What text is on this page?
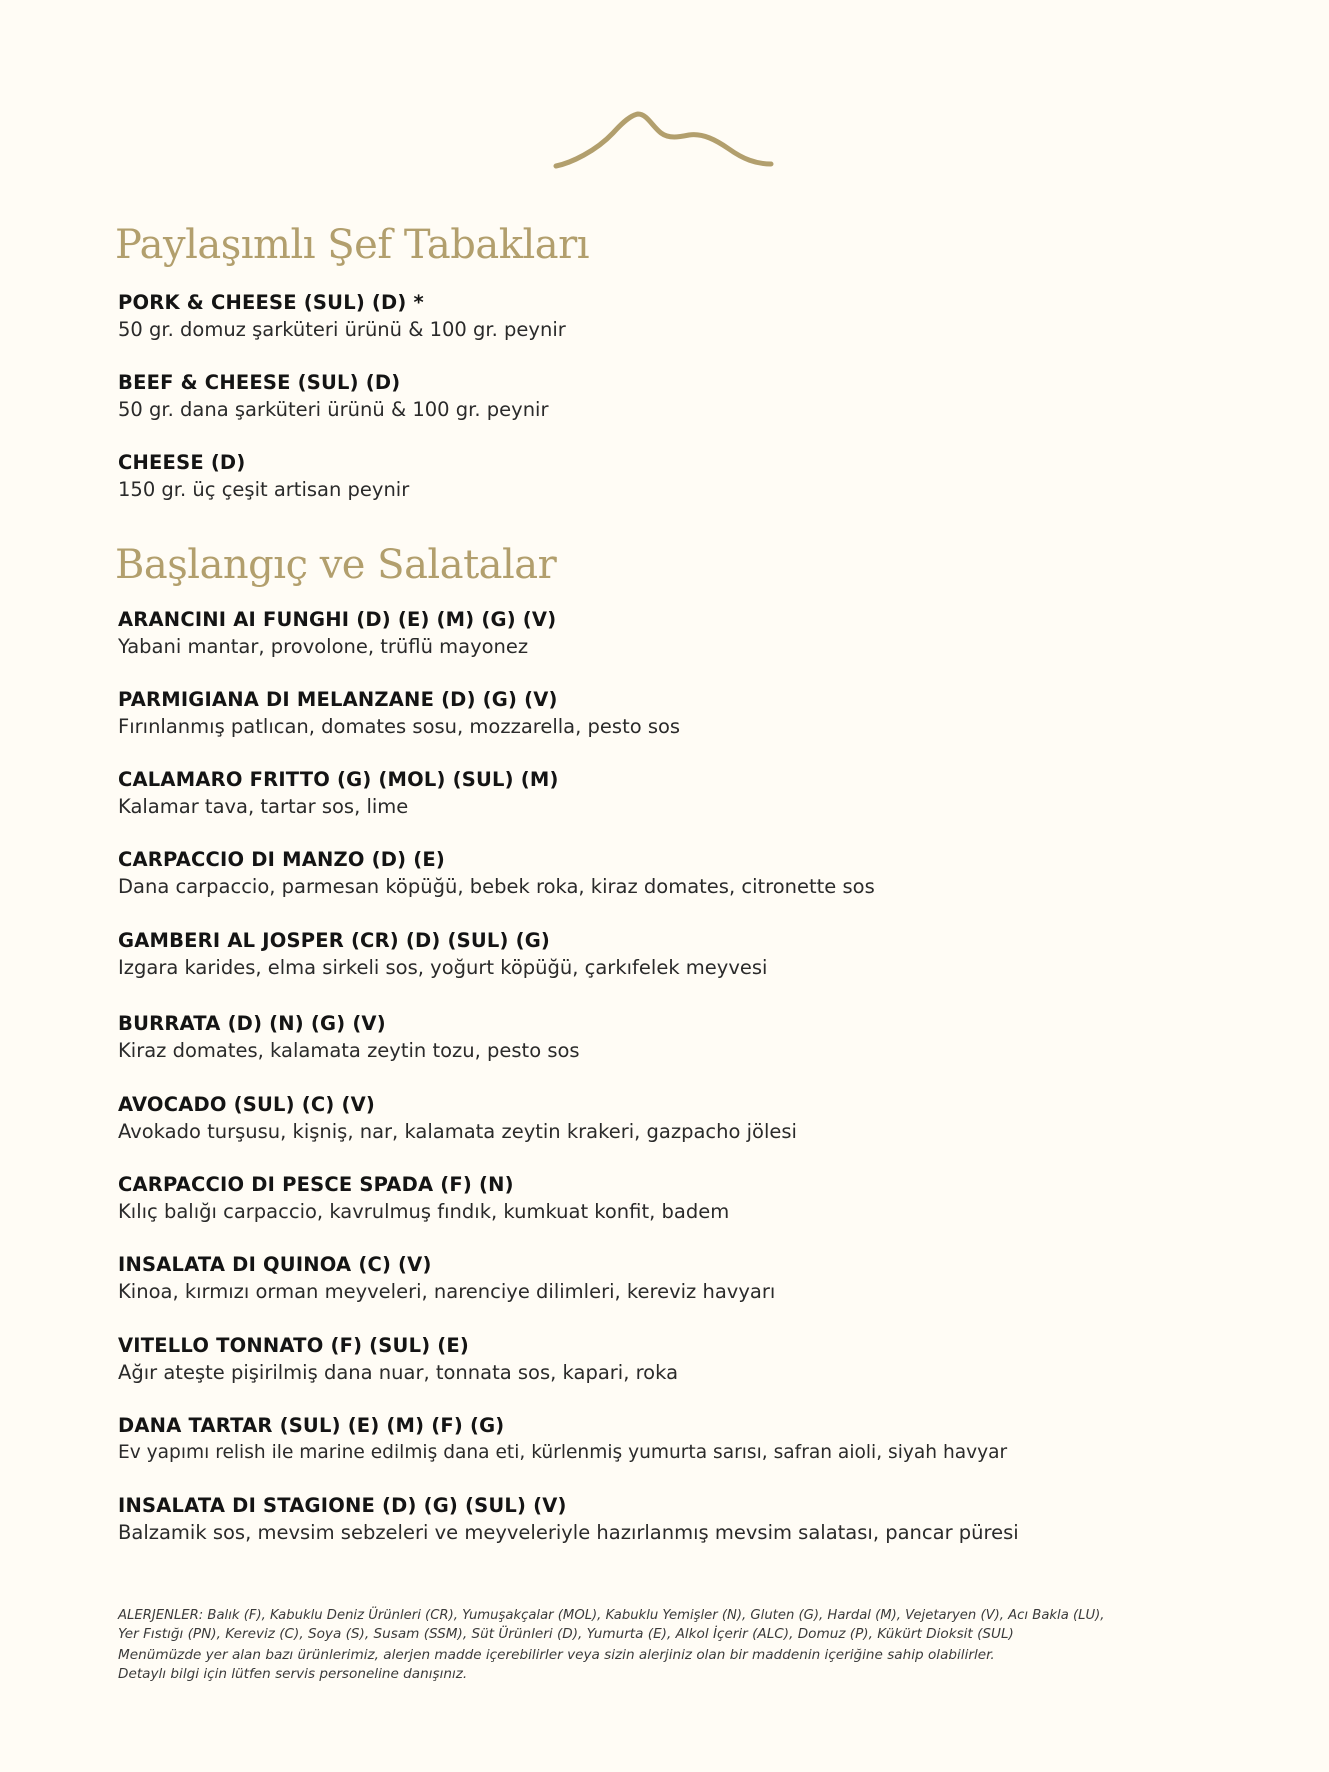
Paylaşımlı Şef Tabakları
PORK & CHEESE (SUL) (D) *
50 gr. domuz şarküteri ürünü & 100 gr. peynir
BEEF & CHEESE (SUL) (D)
50 gr. dana şarküteri ürünü & 100 gr. peynir
CHEESE (D)
150 gr. üç çeşit artisan peynir
Başlangıç ve Salatalar
ARANCINI AI FUNGHI (D) (E) (M) (G) (V)
Yabani mantar, provolone, trüflü mayonez
PARMIGIANA DI MELANZANE (D) (G) (V)
Fırınlanmış patlıcan, domates sosu, mozzarella, pesto sos
CALAMARO FRITTO (G) (MOL) (SUL) (M)
Kalamar tava, tartar sos, lime
CARPACCIO DI MANZO (D) (E)
Dana carpaccio, parmesan köpüğü, bebek roka, kiraz domates, citronette sos
GAMBERI AL JOSPER (CR) (D) (SUL) (G)
Izgara karides, elma sirkeli sos, yoğurt köpüğü, çarkıfelek meyvesi
BURRATA (D) (N) (G) (V)
Kiraz domates, kalamata zeytin tozu, pesto sos
AVOCADO (SUL) (C) (V)
Avokado turşusu, kişniş, nar, kalamata zeytin krakeri, gazpacho jölesi
CARPACCIO DI PESCE SPADA (F) (N)
Kılıç balığı carpaccio, kavrulmuş fındık, kumkuat konfit, badem
INSALATA DI QUINOA (C) (V)
Kinoa, kırmızı orman meyveleri, narenciye dilimleri, kereviz havyarı
VITELLO TONNATO (F) (SUL) (E)
Ağır ateşte pişirilmiş dana nuar, tonnata sos, kapari, roka
DANA TARTAR (SUL) (E) (M) (F) (G)
Ev yapımı relish ile marine edilmiş dana eti, kürlenmiş yumurta sarısı, safran aioli, siyah havyar
INSALATA DI STAGIONE (D) (G) (SUL) (V)
Balzamik sos, mevsim sebzeleri ve meyveleriyle hazırlanmış mevsim salatası, pancar püresi
ALERJENLER: Balık (F), Kabuklu Deniz Ürünleri (CR), Yumuşakçalar (MOL), Kabuklu Yemişler (N), Gluten (G), Hardal (M), Vejetaryen (V), Acı Bakla (LU),
Yer Fıstığı (PN), Kereviz (C), Soya (S), Susam (SSM), Süt Ürünleri (D), Yumurta (E), Alkol İçerir (ALC), Domuz (P), Kükürt Dioksit (SUL)
Menümüzde yer alan bazı ürünlerimiz, alerjen madde içerebilirler veya sizin alerjiniz olan bir maddenin içeriğine sahip olabilirler.
Detaylı bilgi için lütfen servis personeline danışınız.
